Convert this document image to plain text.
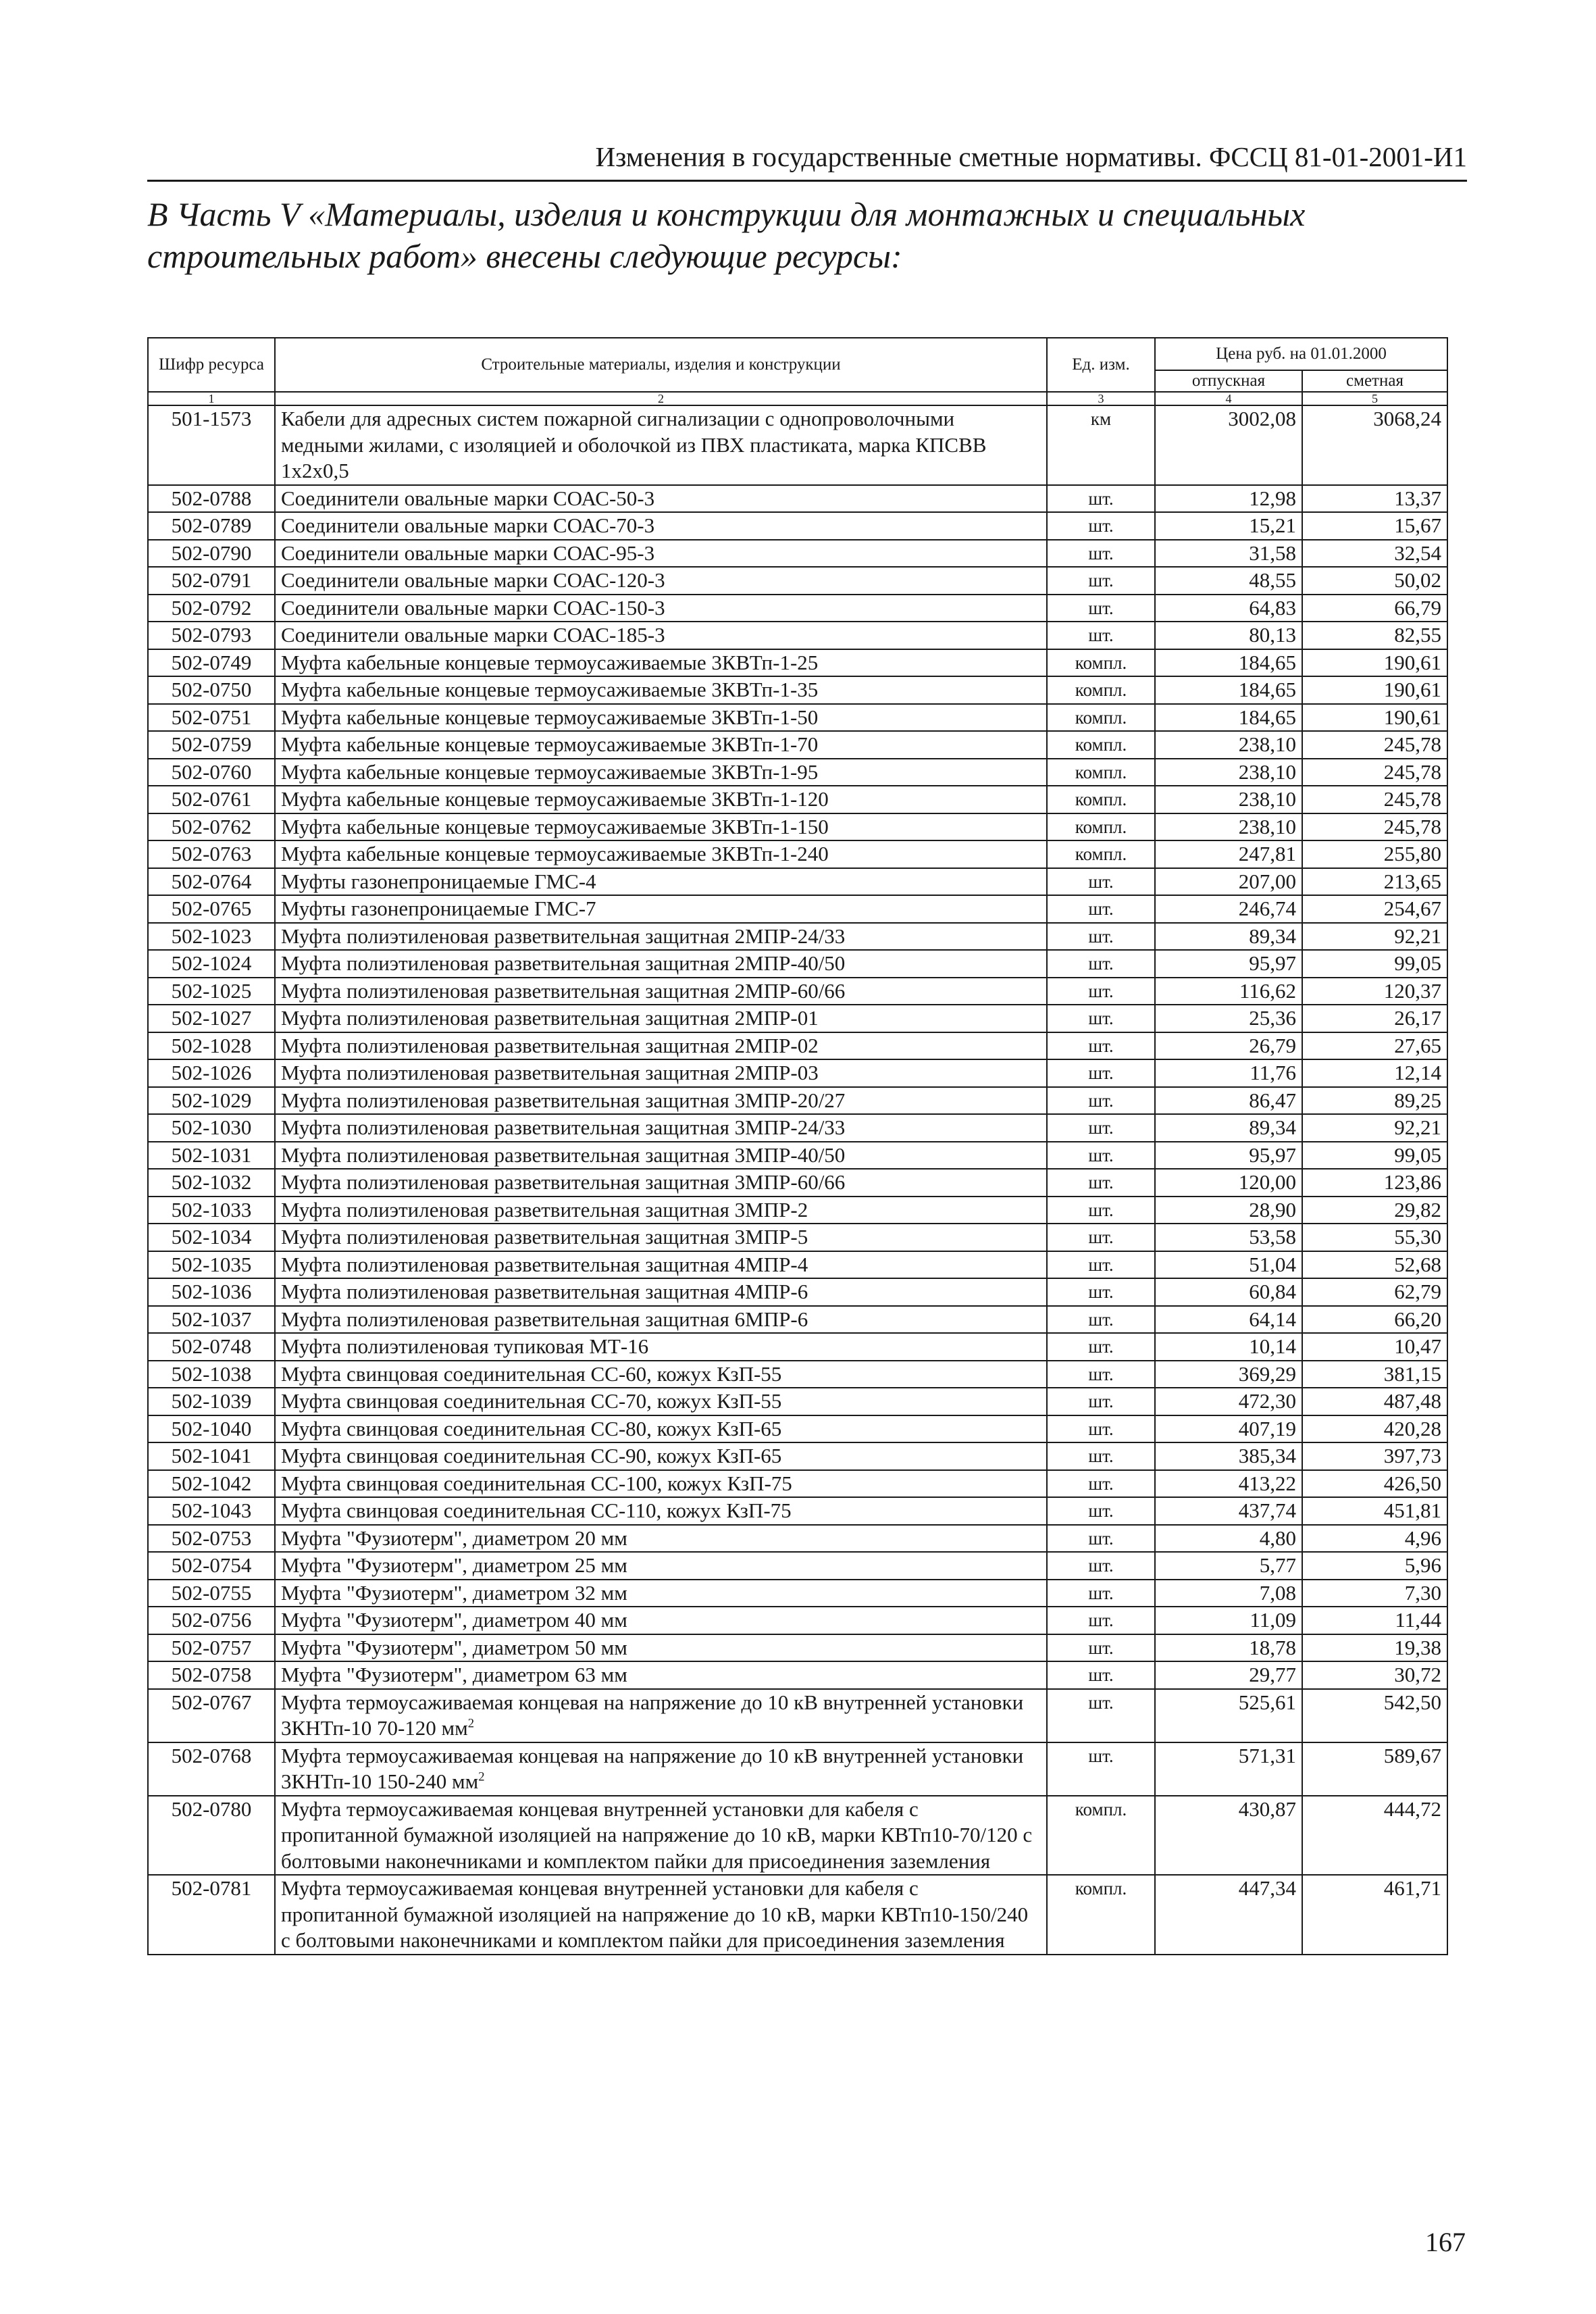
Изменения в государственные сметные нормативы. ФССЦ 81-01-2001-И1
В Часть V «Материалы, изделия и конструкции для монтажных и специальных строительных работ» внесены следующие ресурсы:
Шифр ресурса	Строительные материалы, изделия и конструкции	Ед. изм.	Цена руб. на 01.01.2000	
			отпускная	сметная
1	2	3	4	5
501-1573	Кабели для адресных систем пожарной сигнализации с однопроволочными медными жилами, с изоляцией и оболочкой из ПВХ пластиката, марка КПСВВ 1х2х0,5	км	3002,08	3068,24
502-0788	Соединители овальные марки СОАС-50-3	шт.	12,98	13,37
502-0789	Соединители овальные марки СОАС-70-3	шт.	15,21	15,67
502-0790	Соединители овальные марки СОАС-95-3	шт.	31,58	32,54
502-0791	Соединители овальные марки СОАС-120-3	шт.	48,55	50,02
502-0792	Соединители овальные марки СОАС-150-3	шт.	64,83	66,79
502-0793	Соединители овальные марки СОАС-185-3	шт.	80,13	82,55
502-0749	Муфта кабельные концевые термоусаживаемые 3КВТп-1-25	компл.	184,65	190,61
502-0750	Муфта кабельные концевые термоусаживаемые 3КВТп-1-35	компл.	184,65	190,61
502-0751	Муфта кабельные концевые термоусаживаемые 3КВТп-1-50	компл.	184,65	190,61
502-0759	Муфта кабельные концевые термоусаживаемые 3КВТп-1-70	компл.	238,10	245,78
502-0760	Муфта кабельные концевые термоусаживаемые 3КВТп-1-95	компл.	238,10	245,78
502-0761	Муфта кабельные концевые термоусаживаемые 3КВТп-1-120	компл.	238,10	245,78
502-0762	Муфта кабельные концевые термоусаживаемые 3КВТп-1-150	компл.	238,10	245,78
502-0763	Муфта кабельные концевые термоусаживаемые 3КВТп-1-240	компл.	247,81	255,80
502-0764	Муфты газонепроницаемые ГМС-4	шт.	207,00	213,65
502-0765	Муфты газонепроницаемые ГМС-7	шт.	246,74	254,67
502-1023	Муфта полиэтиленовая разветвительная защитная 2МПР-24/33	шт.	89,34	92,21
502-1024	Муфта полиэтиленовая разветвительная защитная 2МПР-40/50	шт.	95,97	99,05
502-1025	Муфта полиэтиленовая разветвительная защитная 2МПР-60/66	шт.	116,62	120,37
502-1027	Муфта полиэтиленовая разветвительная защитная 2МПР-01	шт.	25,36	26,17
502-1028	Муфта полиэтиленовая разветвительная защитная 2МПР-02	шт.	26,79	27,65
502-1026	Муфта полиэтиленовая разветвительная защитная 2МПР-03	шт.	11,76	12,14
502-1029	Муфта полиэтиленовая разветвительная защитная 3МПР-20/27	шт.	86,47	89,25
502-1030	Муфта полиэтиленовая разветвительная защитная 3МПР-24/33	шт.	89,34	92,21
502-1031	Муфта полиэтиленовая разветвительная защитная 3МПР-40/50	шт.	95,97	99,05
502-1032	Муфта полиэтиленовая разветвительная защитная 3МПР-60/66	шт.	120,00	123,86
502-1033	Муфта полиэтиленовая разветвительная защитная 3МПР-2	шт.	28,90	29,82
502-1034	Муфта полиэтиленовая разветвительная защитная 3МПР-5	шт.	53,58	55,30
502-1035	Муфта полиэтиленовая разветвительная защитная 4МПР-4	шт.	51,04	52,68
502-1036	Муфта полиэтиленовая разветвительная защитная 4МПР-6	шт.	60,84	62,79
502-1037	Муфта полиэтиленовая разветвительная защитная 6МПР-6	шт.	64,14	66,20
502-0748	Муфта полиэтиленовая тупиковая МТ-16	шт.	10,14	10,47
502-1038	Муфта свинцовая соединительная СС-60, кожух КзП-55	шт.	369,29	381,15
502-1039	Муфта свинцовая соединительная СС-70, кожух КзП-55	шт.	472,30	487,48
502-1040	Муфта свинцовая соединительная СС-80, кожух КзП-65	шт.	407,19	420,28
502-1041	Муфта свинцовая соединительная СС-90, кожух КзП-65	шт.	385,34	397,73
502-1042	Муфта свинцовая соединительная СС-100, кожух КзП-75	шт.	413,22	426,50
502-1043	Муфта свинцовая соединительная СС-110, кожух КзП-75	шт.	437,74	451,81
502-0753	Муфта "Фузиотерм", диаметром 20 мм	шт.	4,80	4,96
502-0754	Муфта "Фузиотерм", диаметром 25 мм	шт.	5,77	5,96
502-0755	Муфта "Фузиотерм", диаметром 32 мм	шт.	7,08	7,30
502-0756	Муфта "Фузиотерм", диаметром 40 мм	шт.	11,09	11,44
502-0757	Муфта "Фузиотерм", диаметром 50 мм	шт.	18,78	19,38
502-0758	Муфта "Фузиотерм", диаметром 63 мм	шт.	29,77	30,72
502-0767	Муфта термоусаживаемая концевая на напряжение до 10 кВ внутренней установки 3КНТп-10 70-120 $мм^2$	шт.	525,61	542,50
502-0768	Муфта термоусаживаемая концевая на напряжение до 10 кВ внутренней установки 3КНТп-10 150-240 $мм^2$	шт.	571,31	589,67
502-0780	Муфта термоусаживаемая концевая внутренней установки для кабеля с пропитанной бумажной изоляцией на напряжение до 10 кВ, марки КВТп10-70/120 с болтовыми наконечниками и комплектом пайки для присоединения заземления	компл.	430,87	444,72
502-0781	Муфта термоусаживаемая концевая внутренней установки для кабеля с пропитанной бумажной изоляцией на напряжение до 10 кВ, марки КВТп10-150/240 с болтовыми наконечниками и комплектом пайки для присоединения заземления	компл.	447,34	461,71
167
